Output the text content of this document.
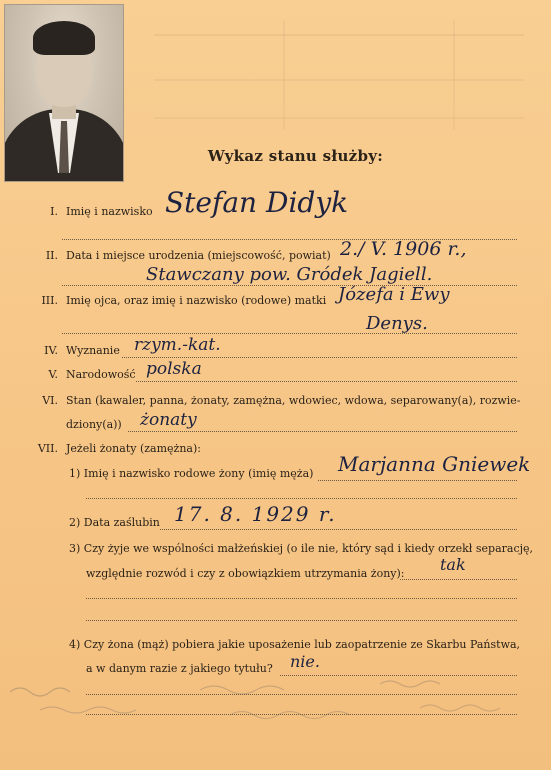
Wykaz stanu służby:
I. Imię i nazwisko Stefan Didyk
II. Data i miejsce urodzenia (miejscowość, powiat) 2./ V. 1906 r.,
Stawczany pow. Gródek Jagiell.
III. Imię ojca, oraz imię i nazwisko (rodowe) matki Józefa i Ewy
Denys.
IV. Wyznanie rzym.-kat.
V. Narodowość polska
VI. Stan (kawaler, panna, żonaty, zamężna, wdowiec, wdowa, separowany(a), rozwie-
dziony(a)) żonaty
VII. Jeżeli żonaty (zamężna):
1) Imię i nazwisko rodowe żony (imię męża) Marjanna Gniewek
2) Data zaślubin 17. 8. 1929 r.
3) Czy żyje we wspólności małżeńskiej (o ile nie, który sąd i kiedy orzekł separację,
względnie rozwód i czy z obowiązkiem utrzymania żony): tak
4) Czy żona (mąż) pobiera jakie uposażenie lub zaopatrzenie ze Skarbu Państwa,
a w danym razie z jakiego tytułu? nie.
